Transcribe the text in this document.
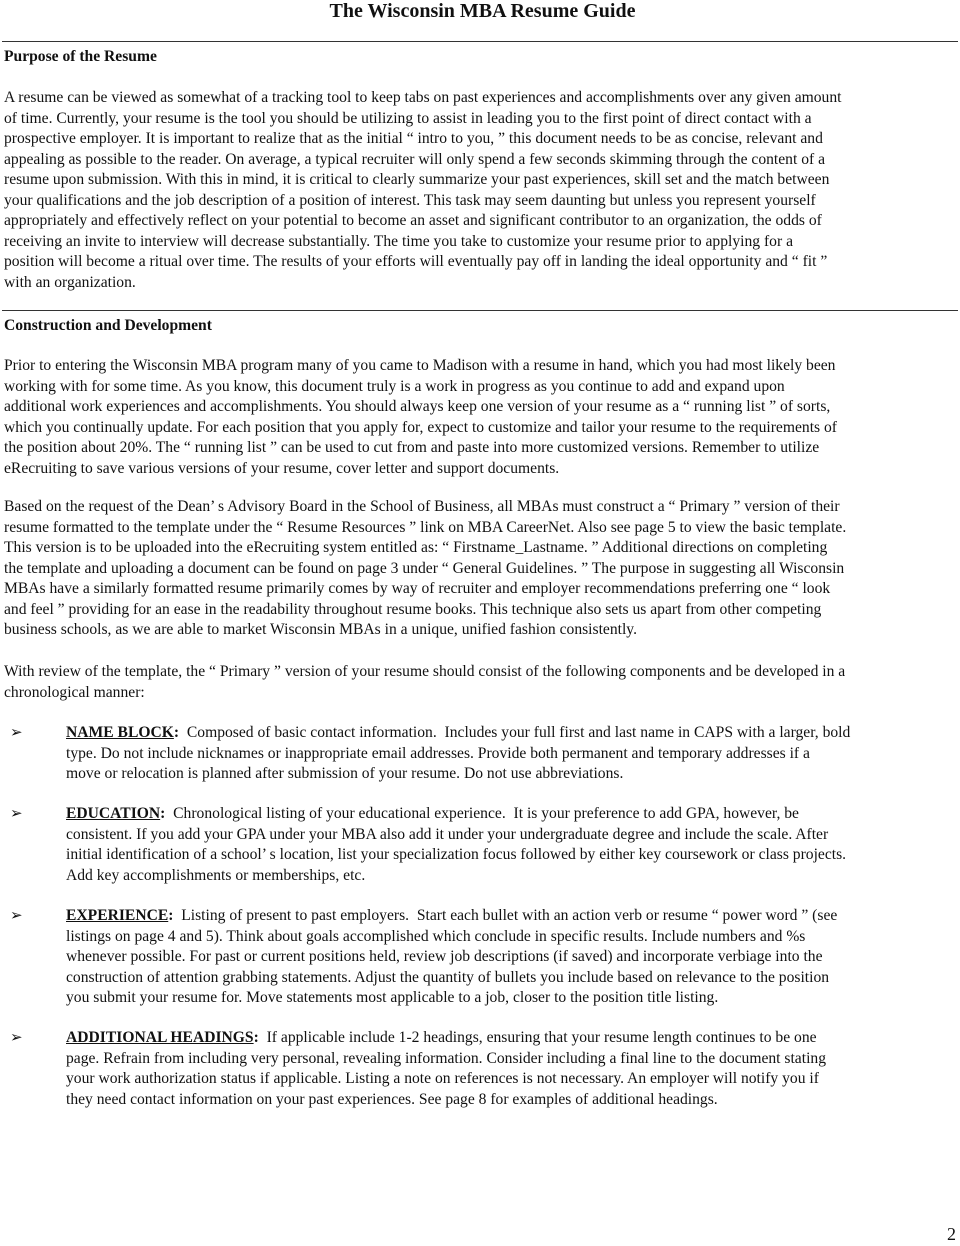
The Wisconsin MBA Resume Guide
Purpose of the Resume
A resume can be viewed as somewhat of a tracking tool to keep tabs on past experiences and accomplishments over any given amount
of time. Currently, your resume is the tool you should be utilizing to assist in leading you to the first point of direct contact with a
prospective employer. It is important to realize that as the initial “ intro to you, ” this document needs to be as concise, relevant and
appealing as possible to the reader. On average, a typical recruiter will only spend a few seconds skimming through the content of a
resume upon submission. With this in mind, it is critical to clearly summarize your past experiences, skill set and the match between
your qualifications and the job description of a position of interest. This task may seem daunting but unless you represent yourself
appropriately and effectively reflect on your potential to become an asset and significant contributor to an organization, the odds of
receiving an invite to interview will decrease substantially. The time you take to customize your resume prior to applying for a
position will become a ritual over time. The results of your efforts will eventually pay off in landing the ideal opportunity and “ fit ”
with an organization.
Construction and Development
Prior to entering the Wisconsin MBA program many of you came to Madison with a resume in hand, which you had most likely been
working with for some time. As you know, this document truly is a work in progress as you continue to add and expand upon
additional work experiences and accomplishments. You should always keep one version of your resume as a “ running list ” of sorts,
which you continually update. For each position that you apply for, expect to customize and tailor your resume to the requirements of
the position about 20%. The “ running list ” can be used to cut from and paste into more customized versions. Remember to utilize
eRecruiting to save various versions of your resume, cover letter and support documents.
Based on the request of the Dean’ s Advisory Board in the School of Business, all MBAs must construct a “ Primary ” version of their
resume formatted to the template under the “ Resume Resources ” link on MBA CareerNet. Also see page 5 to view the basic template.
This version is to be uploaded into the eRecruiting system entitled as: “ Firstname_Lastname. ” Additional directions on completing
the template and uploading a document can be found on page 3 under “ General Guidelines. ” The purpose in suggesting all Wisconsin
MBAs have a similarly formatted resume primarily comes by way of recruiter and employer recommendations preferring one “ look
and feel ” providing for an ease in the readability throughout resume books. This technique also sets us apart from other competing
business schools, as we are able to market Wisconsin MBAs in a unique, unified fashion consistently.
With review of the template, the “ Primary ” version of your resume should consist of the following components and be developed in a
chronological manner:
➢	NAME BLOCK:  Composed of basic contact information.  Includes your full first and last name in CAPS with a larger, bold
type. Do not include nicknames or inappropriate email addresses. Provide both permanent and temporary addresses if a
move or relocation is planned after submission of your resume. Do not use abbreviations.
➢	EDUCATION:  Chronological listing of your educational experience.  It is your preference to add GPA, however, be
consistent. If you add your GPA under your MBA also add it under your undergraduate degree and include the scale. After
initial identification of a school’ s location, list your specialization focus followed by either key coursework or class projects.
Add key accomplishments or memberships, etc.
➢	EXPERIENCE:  Listing of present to past employers.  Start each bullet with an action verb or resume “ power word ” (see
listings on page 4 and 5). Think about goals accomplished which conclude in specific results. Include numbers and %s
whenever possible. For past or current positions held, review job descriptions (if saved) and incorporate verbiage into the
construction of attention grabbing statements. Adjust the quantity of bullets you include based on relevance to the position
you submit your resume for. Move statements most applicable to a job, closer to the position title listing.
➢	ADDITIONAL HEADINGS:  If applicable include 1-2 headings, ensuring that your resume length continues to be one
page. Refrain from including very personal, revealing information. Consider including a final line to the document stating
your work authorization status if applicable. Listing a note on references is not necessary. An employer will notify you if
they need contact information on your past experiences. See page 8 for examples of additional headings.
2
